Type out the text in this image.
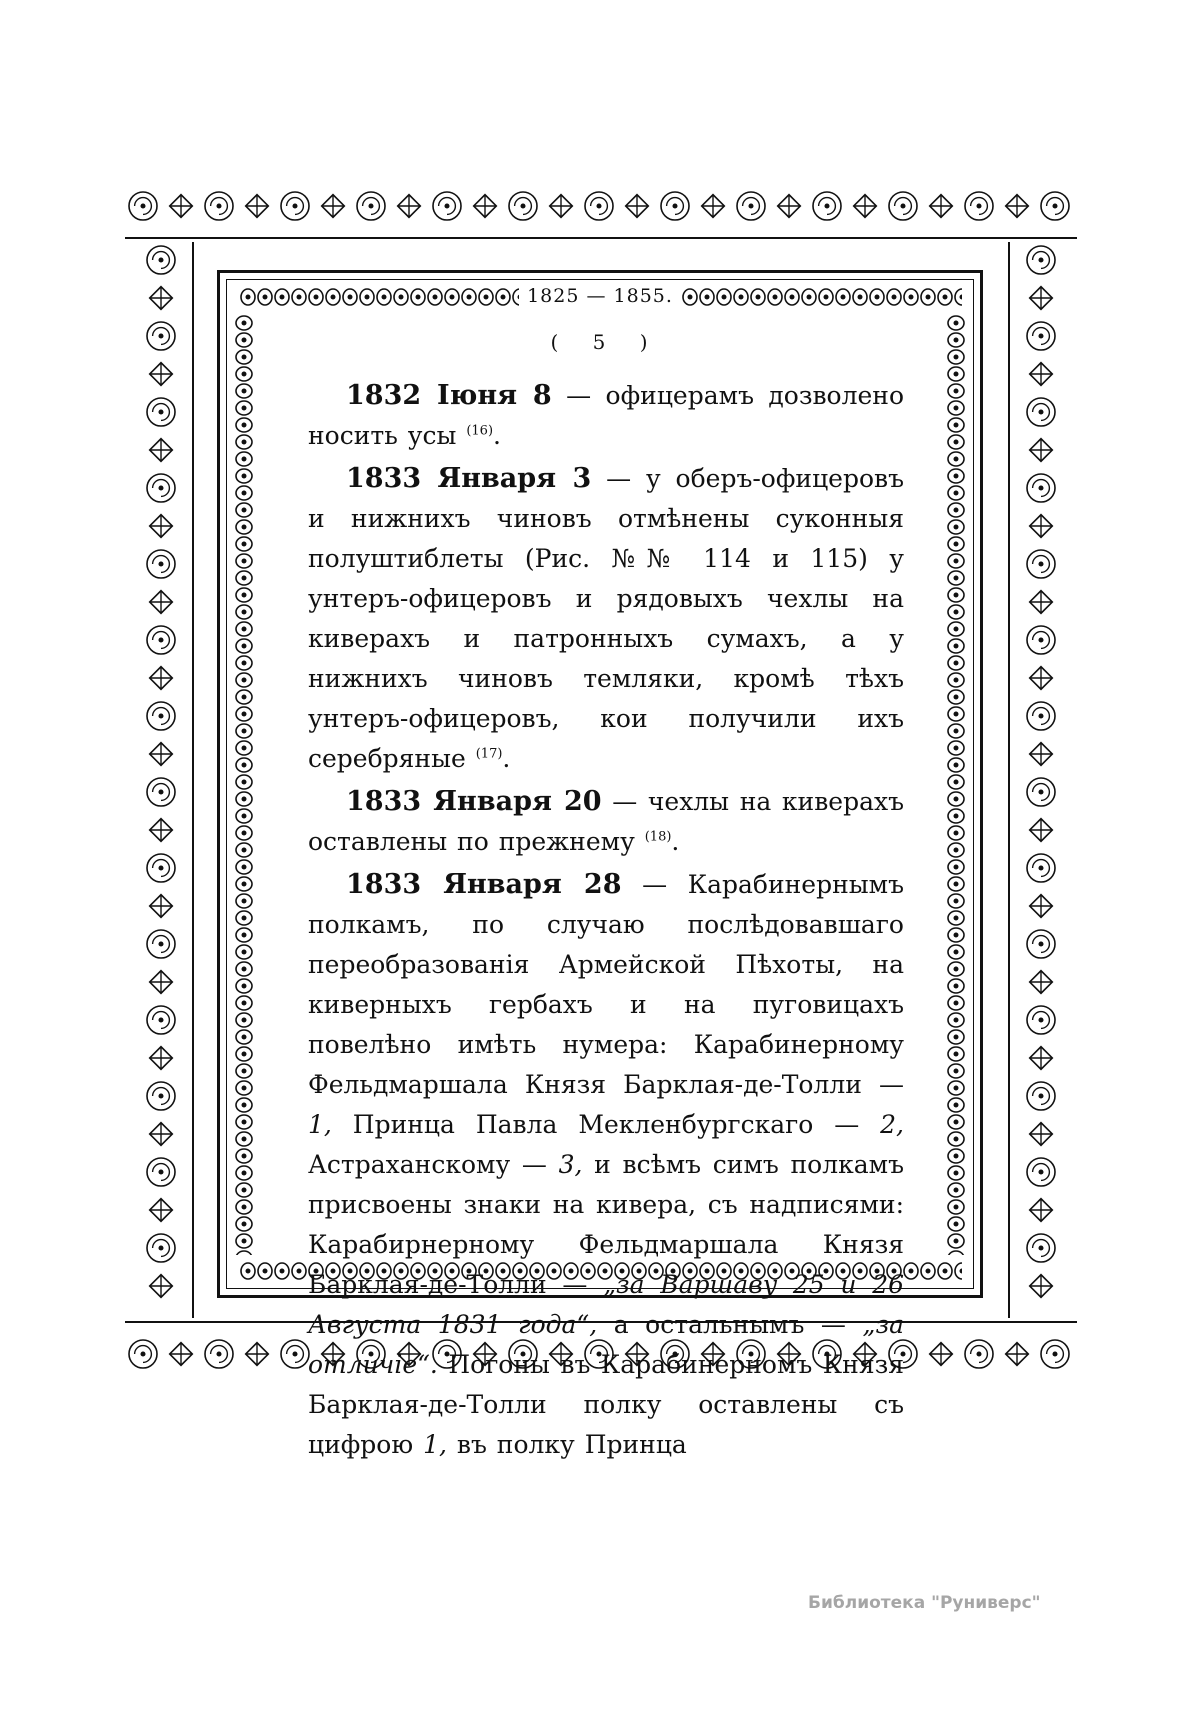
1825 — 1855.
( 5 )

1832 Іюня 8 — офицерамъ дозволено носить усы $^{(16)}$.

1833 Января 3 — у оберъ-офицеровъ и нижнихъ чиновъ отмѣнены суконныя полуштиблеты (Рис. №№ 114 и 115) у унтеръ-офицеровъ и рядовыхъ чехлы на киверахъ и патронныхъ сумахъ, а у нижнихъ чиновъ темляки, кромѣ тѣхъ унтеръ-офицеровъ, кои получили ихъ серебряные $^{(17)}$.

1833 Января 20 — чехлы на киверахъ оставлены по прежнему $^{(18)}$.

1833 Января 28 — Карабинернымъ полкамъ, по случаю послѣдовавшаго переобразованія Армейской Пѣхоты, на киверныхъ гербахъ и на пуговицахъ повелѣно имѣть нумера: Карабинерному Фельдмаршала Князя Барклая-де-Толли — 1, Принца Павла Мекленбургскаго — 2, Астраханскому — 3, и всѣмъ симъ полкамъ присвоены знаки на кивера, съ надписями: Карабирнерному Фельдмаршала Князя Барклая-де-Толли — „за Варшаву 25 и 26 Августа 1831 года“, а остальнымъ — „за отличіе“. Погоны въ Карабинерномъ Князя Барклая-де-Толли полку оставлены съ цифрою 1, въ полку Принца

Библиотека "Руниверс"
